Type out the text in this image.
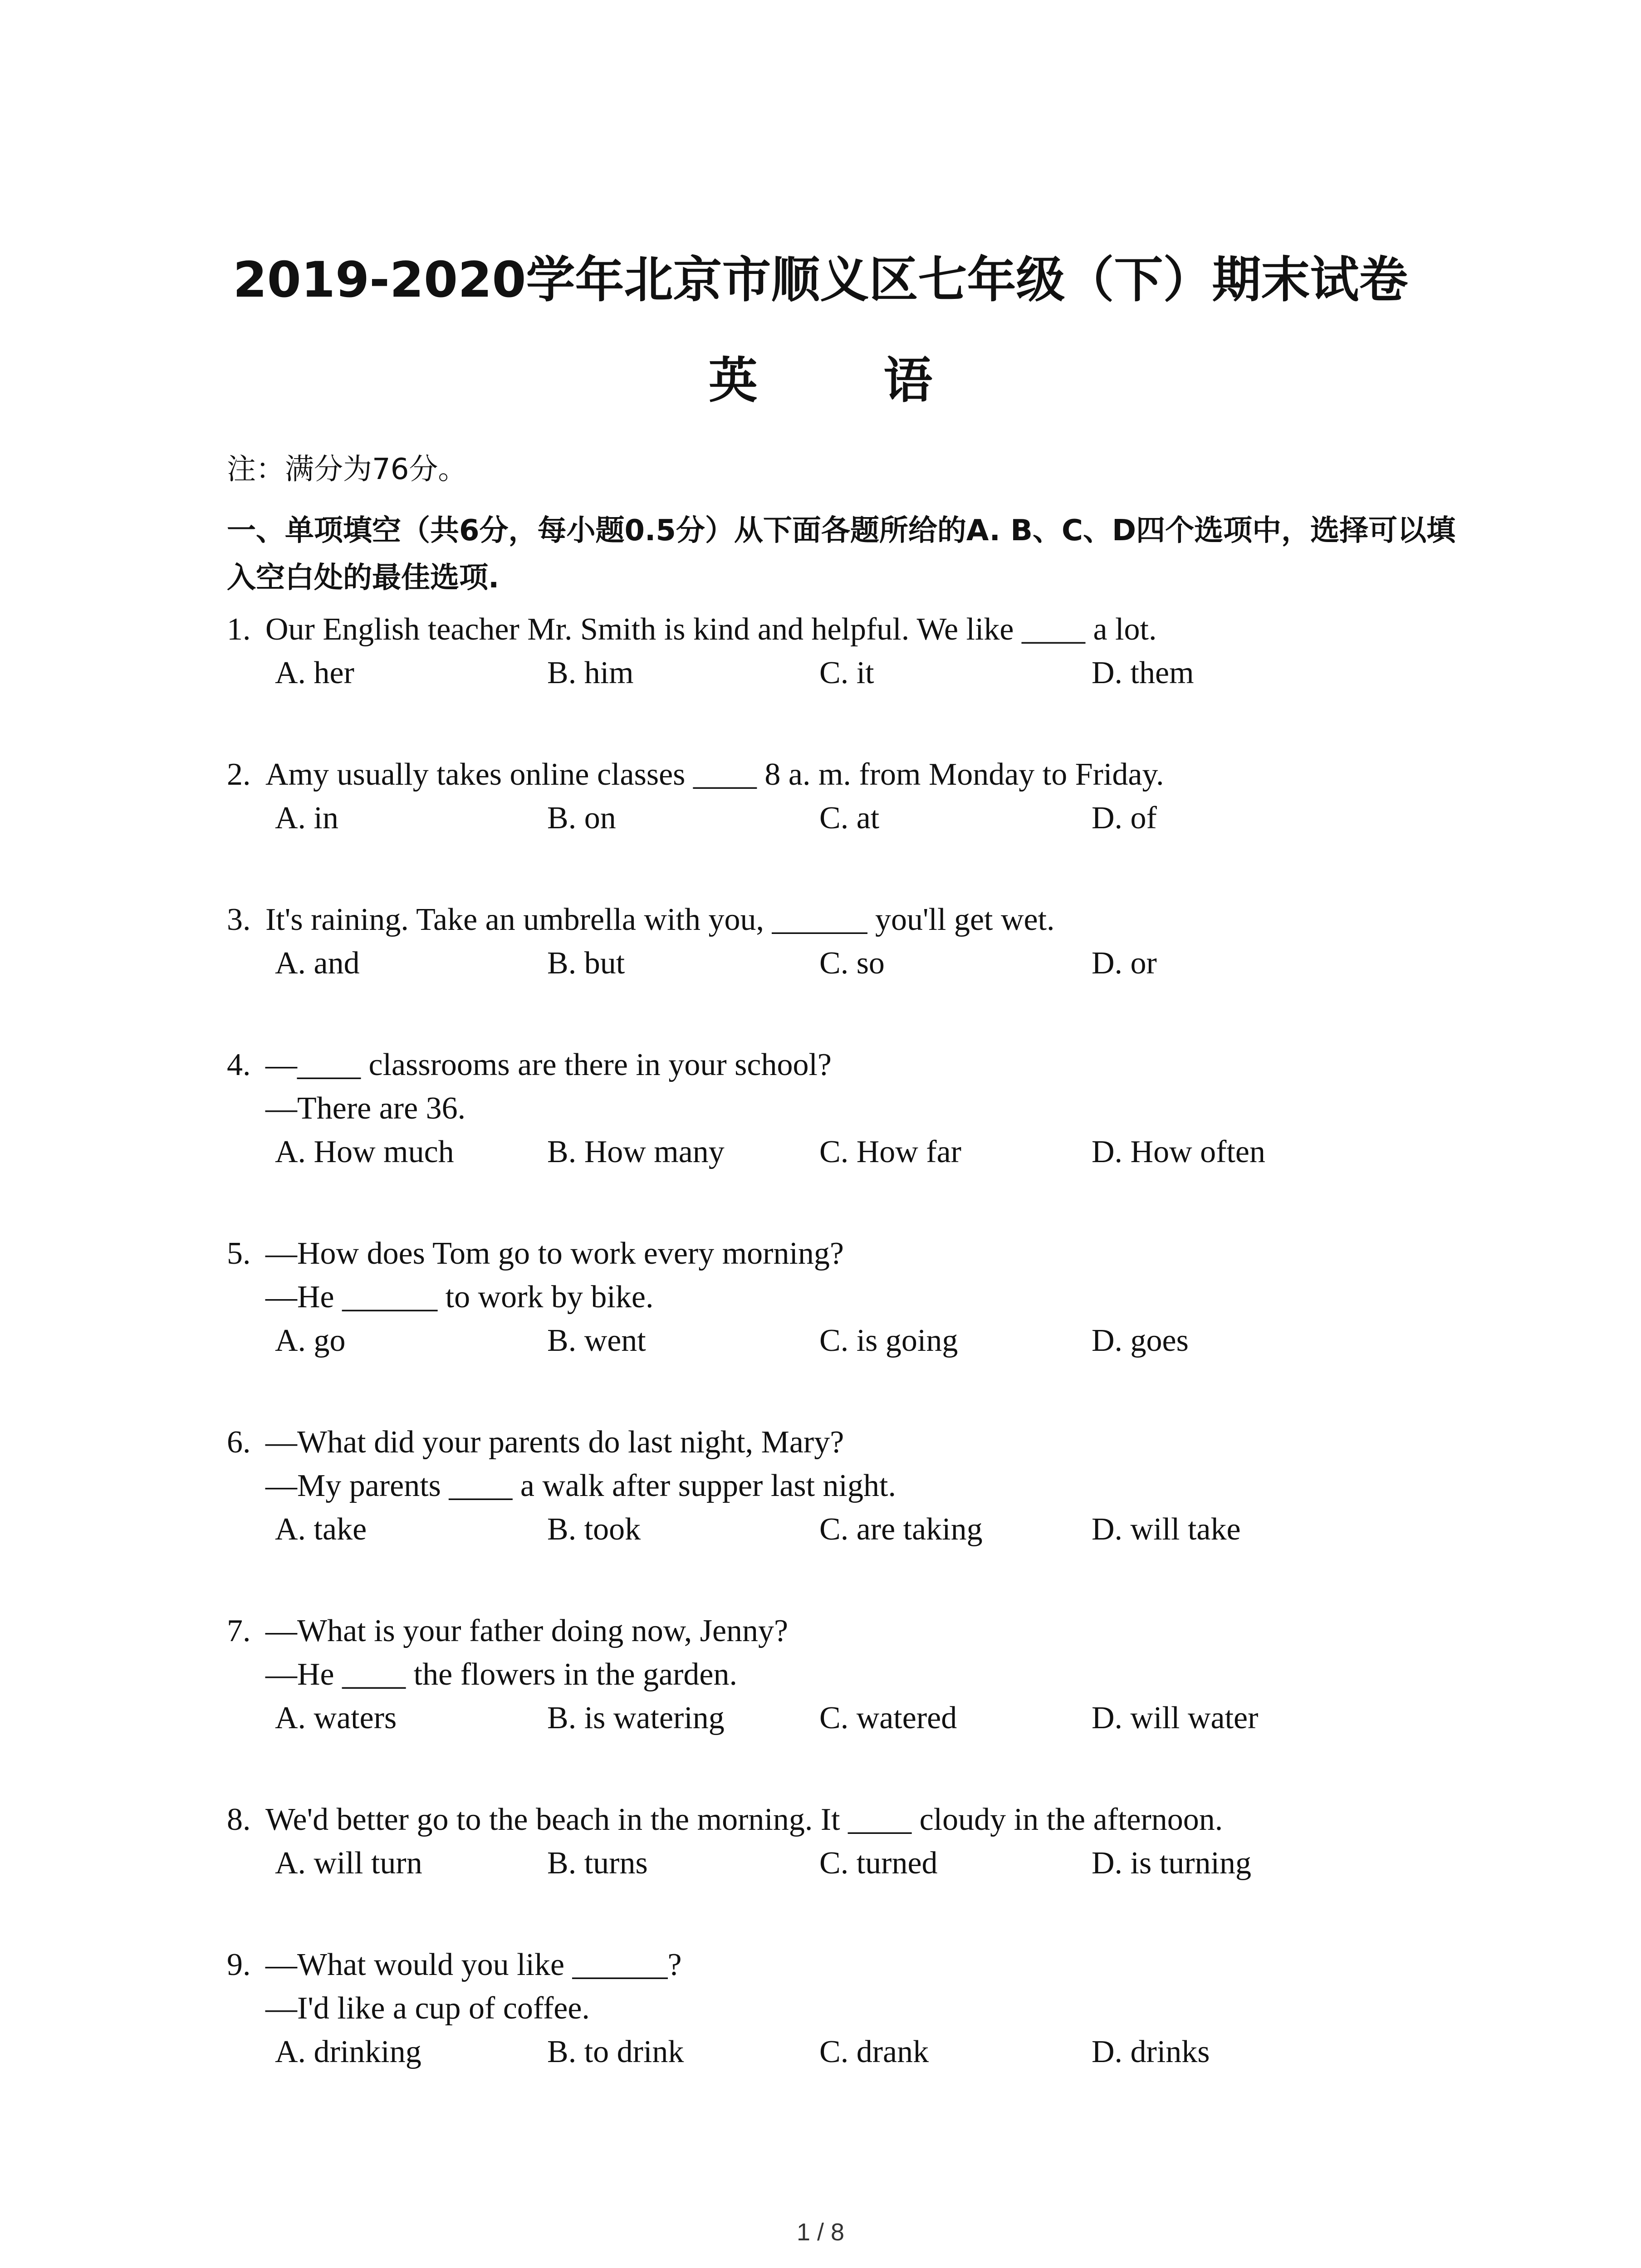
2019-2020学年北京市顺义区七年级（下）期末试卷
英 语
注：满分为76分。
一、单项填空（共6分，每小题0.5分）从下面各题所给的A. B、C、D四个选项中，选择可以填入空白处的最佳选项.
1. Our English teacher Mr. Smith is kind and helpful. We like ____ a lot.
A. her	B. him	C. it	D. them
2. Amy usually takes online classes ____ 8 a. m. from Monday to Friday.
A. in	B. on	C. at	D. of
3. It's raining. Take an umbrella with you, ______ you'll get wet.
A. and	B. but	C. so	D. or
4. —____ classrooms are there in your school?
—There are 36.
A. How much	B. How many	C. How far	D. How often
5. —How does Tom go to work every morning?
—He ______ to work by bike.
A. go	B. went	C. is going	D. goes
6. —What did your parents do last night, Mary?
—My parents ____ a walk after supper last night.
A. take	B. took	C. are taking	D. will take
7. —What is your father doing now, Jenny?
—He ____ the flowers in the garden.
A. waters	B. is watering	C. watered	D. will water
8. We'd better go to the beach in the morning. It ____ cloudy in the afternoon.
A. will turn	B. turns	C. turned	D. is turning
9. —What would you like ______?
—I'd like a cup of coffee.
A. drinking	B. to drink	C. drank	D. drinks
1 / 8
